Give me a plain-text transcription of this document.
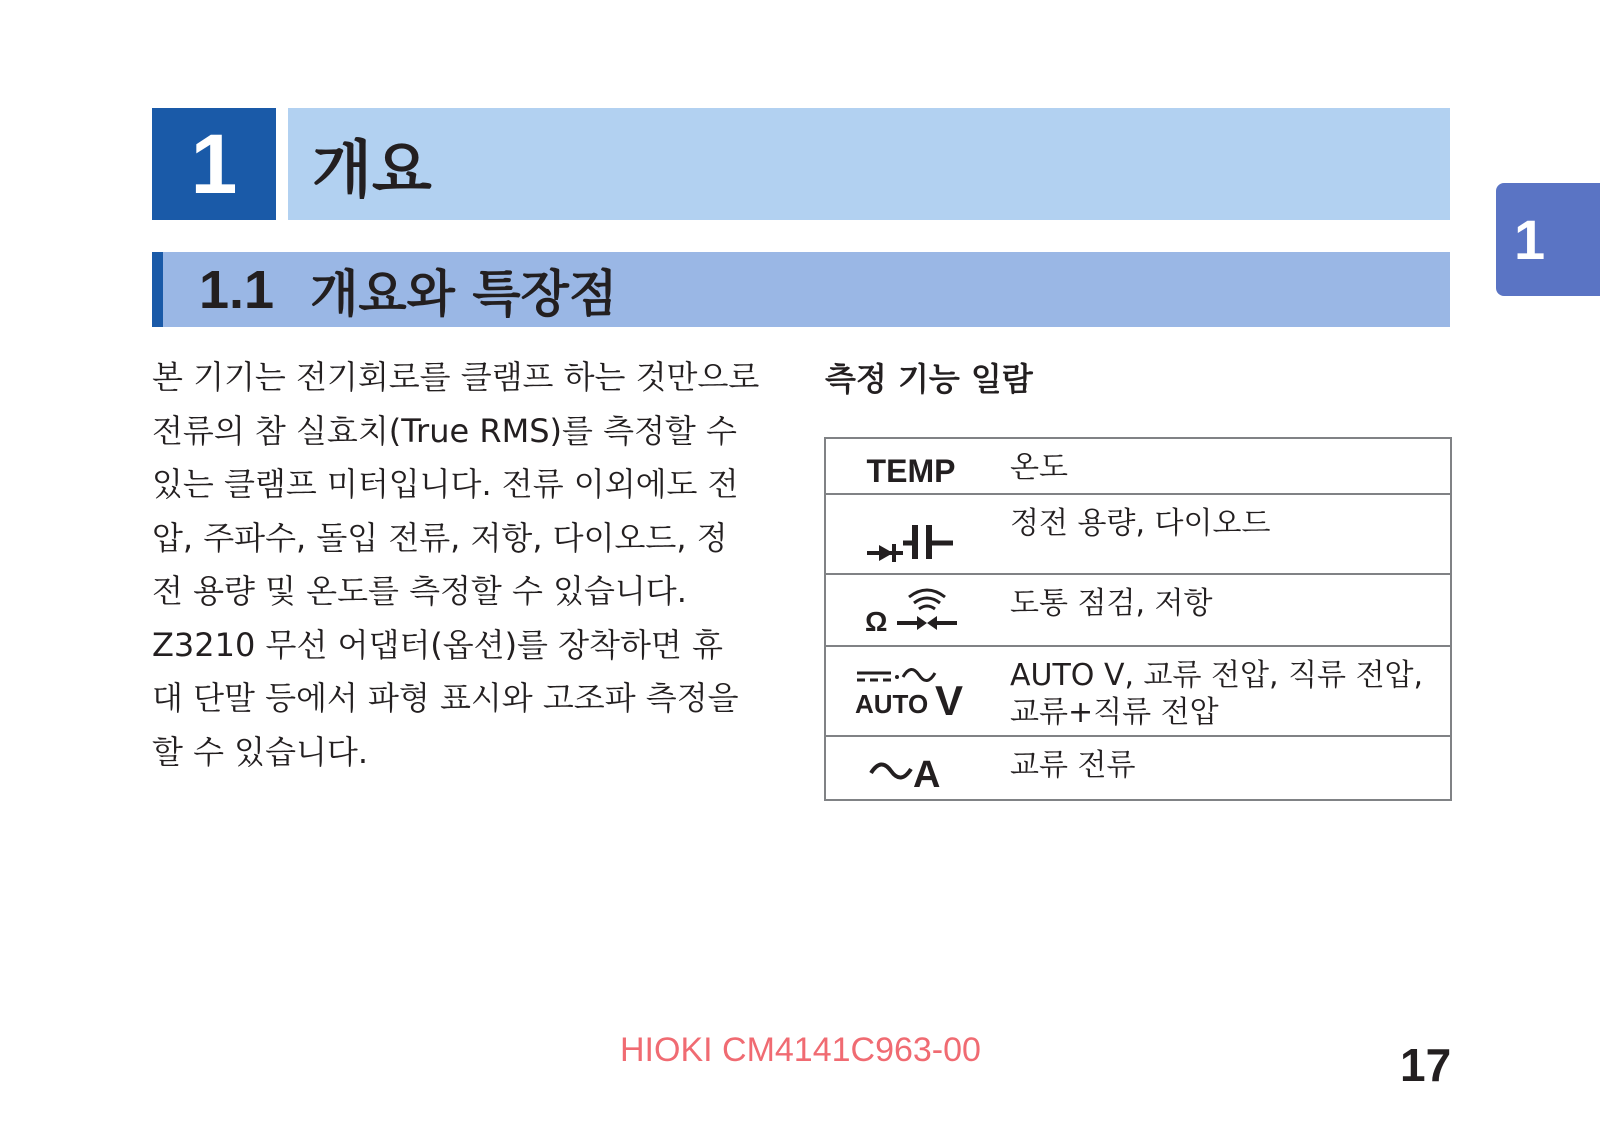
1	개요
1.1 개요와 특장점
1
본 기기는 전기회로를 클램프 하는 것만으로
전류의 참 실효치(True RMS)를 측정할 수
있는 클램프 미터입니다. 전류 이외에도 전
압, 주파수, 돌입 전류, 저항, 다이오드, 정
전 용량 및 온도를 측정할 수 있습니다.
Z3210 무선 어댑터(옵션)를 장착하면 휴
대 단말 등에서 파형 표시와 고조파 측정을
할 수 있습니다.
측정 기능 일람
TEMP	온도

	정전 용량, 다이오드

Ω	도통 점검, 저항

AUTO V	AUTO V, 교류 전압, 직류 전압,
교류+직류 전압

A	교류 전류
HIOKI CM4141C963-00	17
